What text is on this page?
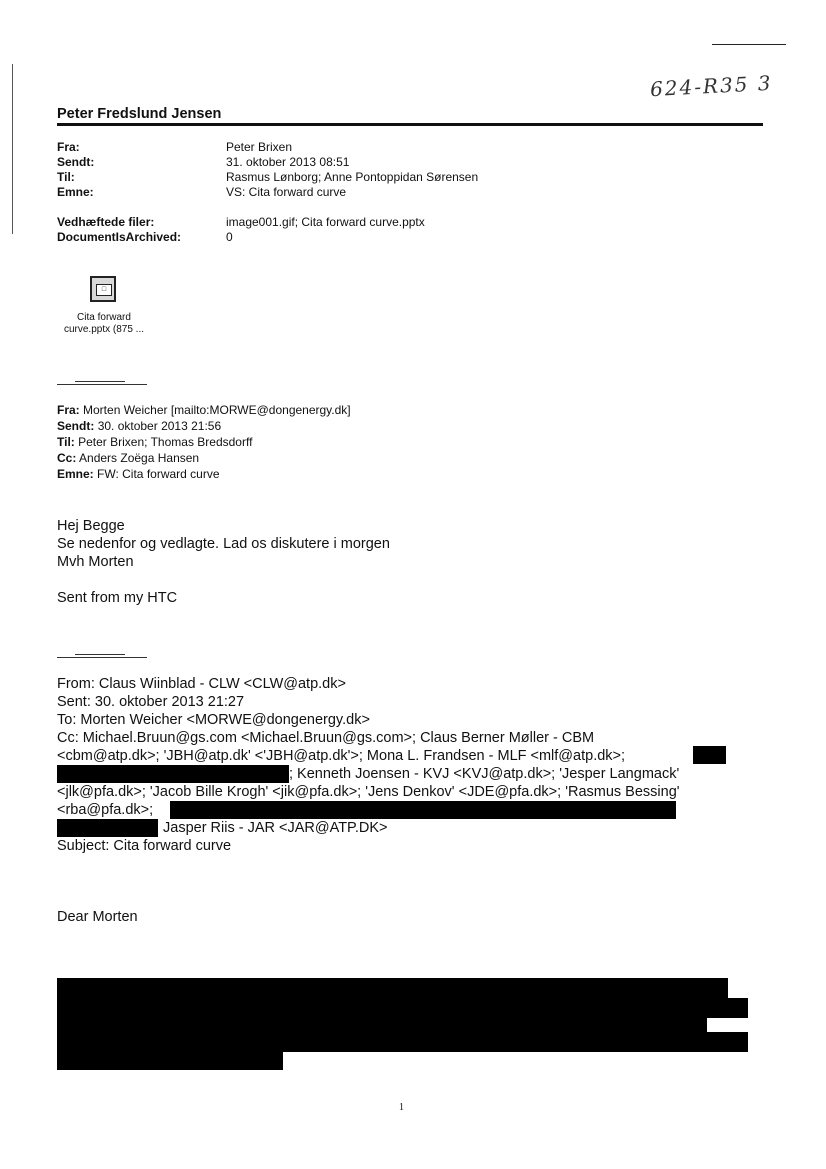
624-R35 3
Peter Fredslund Jensen
Fra:	Peter Brixen
Sendt:	31. oktober 2013 08:51
Til:	Rasmus Lønborg; Anne Pontoppidan Sørensen
Emne:	VS: Cita forward curve
Vedhæftede filer:	image001.gif; Cita forward curve.pptx
DocumentIsArchived:	0
□
Cita forward
curve.pptx (875 ...
Fra: Morten Weicher [mailto:MORWE@dongenergy.dk]
Sendt: 30. oktober 2013 21:56
Til: Peter Brixen; Thomas Bredsdorff
Cc: Anders Zoëga Hansen
Emne: FW: Cita forward curve
Hej Begge
Se nedenfor og vedlagte. Lad os diskutere i morgen
Mvh Morten
Sent from my HTC
From: Claus Wiinblad - CLW <CLW@atp.dk>
Sent: 30. oktober 2013 21:27
To: Morten Weicher <MORWE@dongenergy.dk>
Cc: Michael.Bruun@gs.com <Michael.Bruun@gs.com>; Claus Berner Møller - CBM
<cbm@atp.dk>; 'JBH@atp.dk' <'JBH@atp.dk'>; Mona L. Frandsen - MLF <mlf@atp.dk>;
; Kenneth Joensen - KVJ <KVJ@atp.dk>; 'Jesper Langmack'
<jlk@pfa.dk>; 'Jacob Bille Krogh' <jik@pfa.dk>; 'Jens Denkov' <JDE@pfa.dk>; 'Rasmus Bessing'
<rba@pfa.dk>;
Jasper Riis - JAR <JAR@ATP.DK>
Subject: Cita forward curve
Dear Morten
1
